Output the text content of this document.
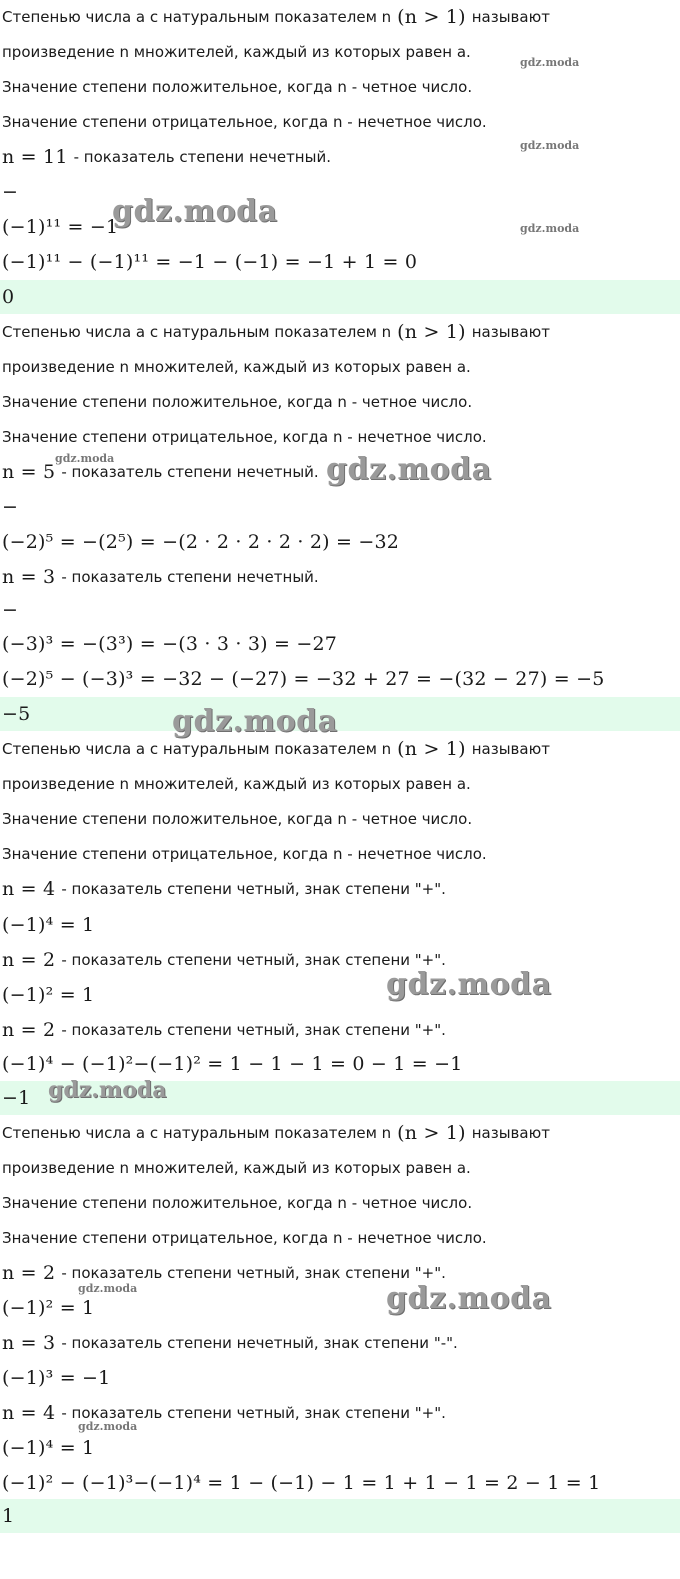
Степенью числа а с натуральным показателем n (n > 1) называют
произведение n множителей, каждый из которых равен а.
Значение степени положительное, когда n - четное число.
Значение степени отрицательное, когда n - нечетное число.
n = 11 - показатель степени нечетный.
−
(−1)¹¹ = −1
(−1)¹¹ − (−1)¹¹ = −1 − (−1) = −1 + 1 = 0
0
Степенью числа а с натуральным показателем n (n > 1) называют
произведение n множителей, каждый из которых равен а.
Значение степени положительное, когда n - четное число.
Значение степени отрицательное, когда n - нечетное число.
n = 5 - показатель степени нечетный.
−
(−2)⁵ = −(2⁵) = −(2 · 2 · 2 · 2 · 2) = −32
n = 3 - показатель степени нечетный.
−
(−3)³ = −(3³) = −(3 · 3 · 3) = −27
(−2)⁵ − (−3)³ = −32 − (−27) = −32 + 27 = −(32 − 27) = −5
−5
Степенью числа а с натуральным показателем n (n > 1) называют
произведение n множителей, каждый из которых равен а.
Значение степени положительное, когда n - четное число.
Значение степени отрицательное, когда n - нечетное число.
n = 4 - показатель степени четный, знак степени "+".
(−1)⁴ = 1
n = 2 - показатель степени четный, знак степени "+".
(−1)² = 1
n = 2 - показатель степени четный, знак степени "+".
(−1)⁴ − (−1)²−(−1)² = 1 − 1 − 1 = 0 − 1 = −1
−1
Степенью числа а с натуральным показателем n (n > 1) называют
произведение n множителей, каждый из которых равен а.
Значение степени положительное, когда n - четное число.
Значение степени отрицательное, когда n - нечетное число.
n = 2 - показатель степени четный, знак степени "+".
(−1)² = 1
n = 3 - показатель степени нечетный, знак степени "-".
(−1)³ = −1
n = 4 - показатель степени четный, знак степени "+".
(−1)⁴ = 1
(−1)² − (−1)³−(−1)⁴ = 1 − (−1) − 1 = 1 + 1 − 1 = 2 − 1 = 1
1
gdz.moda
gdz.moda
gdz.moda
gdz.moda
gdz.moda	gdz.moda
gdz.moda
gdz.moda
gdz.moda
gdz.moda	gdz.moda
gdz.moda
